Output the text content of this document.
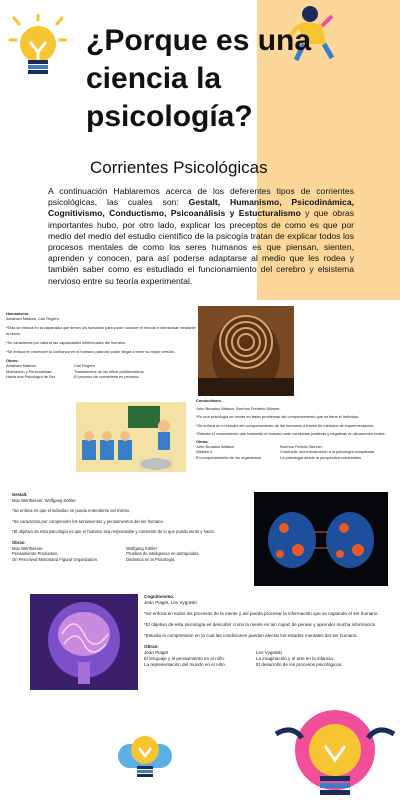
¿Porque es una ciencia la psicología?
Corrientes Psicológicas
A continuación Hablaremos acerca de los deferentes tipos de corrientes psicológicas, las cuales son: Gestalt, Humanismo, Psicodinámica, Cognitivismo, Conductismo, Psicoanálisis y Estucturalismo y que obras importantes hubo, por otro lado, explicar los preceptos de como es que por medio del medio del estudio científico de la psicogía tratan de explicar todos los procesos mentales de como los seres humanos es que piensan, sienten, aprenden y conocen, para así poderse adaptarse al medio que les rodea y también saber como es estudiado el funcionamiento del cerebro y elsistema nervioso entre su teoría experimental.
Humanismo.
Abraham Maslow, Carl Rogers.
*Esta se enfoca en la capacidad que tienen los humanos para poder conocer el mundo e interactuar mediante la razón.
*Se caracteriza por valorar las capacidades intelectuales del humano.
*Se enfoca en promover la confianza en el humano para así poder llegar a tener su mejor versión.
Obras:
Abraham Maslow
Motivación y Personalidad.
Hacia una Psicología de Ser.
Carl Rogers
Tratamientos de los niños problemáticos.
El proceso de convertirse en persona.
Conductismo.
John Broadus Watson, Burrhus Frederic Skinner.
*Es una psicología se centra en tratar problemas del comportamiento que se tiene el individuo.
*Se enfoca en el estudio del comportamiento de los humanos a través de métodos de experimentación.
*Estudia el conocimiento que transmite el humano ante conductas positivas y negativas en situaciones reales.
Obras:
John Broadus Watson
Walden II.
El comportamiento de los organismos.
Burrhus Federic Skinner
Conducta: una introducción a la psicología comparada.
La psicología desde la perspectiva conductista.
Gestalt.
Max Wertheimer, Wolfgang Köhler.
*Se enfoca en que el individuo se pueda entenderse así mismo.
*Se caracteriza por comprender los sentimientos y pensamientos del ser humano.
*El objetivo de esta psicología es que el humano sea responsable y consiente de lo que pueda sentir y hacer.
Obras:
Max Wertheimer.
Pensamiento Productivo.
On Perceived Motionand Figural Organization.
Wolfgang Köhler
Pruebas de inteligencia en antropoides.
Dinámica en la Psicología.
Cognitivismo.
Jean Piaget, Lev Vygotski
*Se enfoca en todos los procesos de la mente y así pueda procesar la información que va captando el ser humano.
*El objetivo de esta psicología es descubrir como la mente es tan capaz de pensar y aprender mucha información.
*Estudia la comprensión en la cual las condiciones puedan afectar los estados mentales del ser humano.
Obras:
Jean Piaget
El lenguaje y el pensamiento en el niño.
La representación del mundo en el niño.
Lev Vygotski
La imaginación y el arte en la infancia.
El desarrollo de los procesos psicológicos.
